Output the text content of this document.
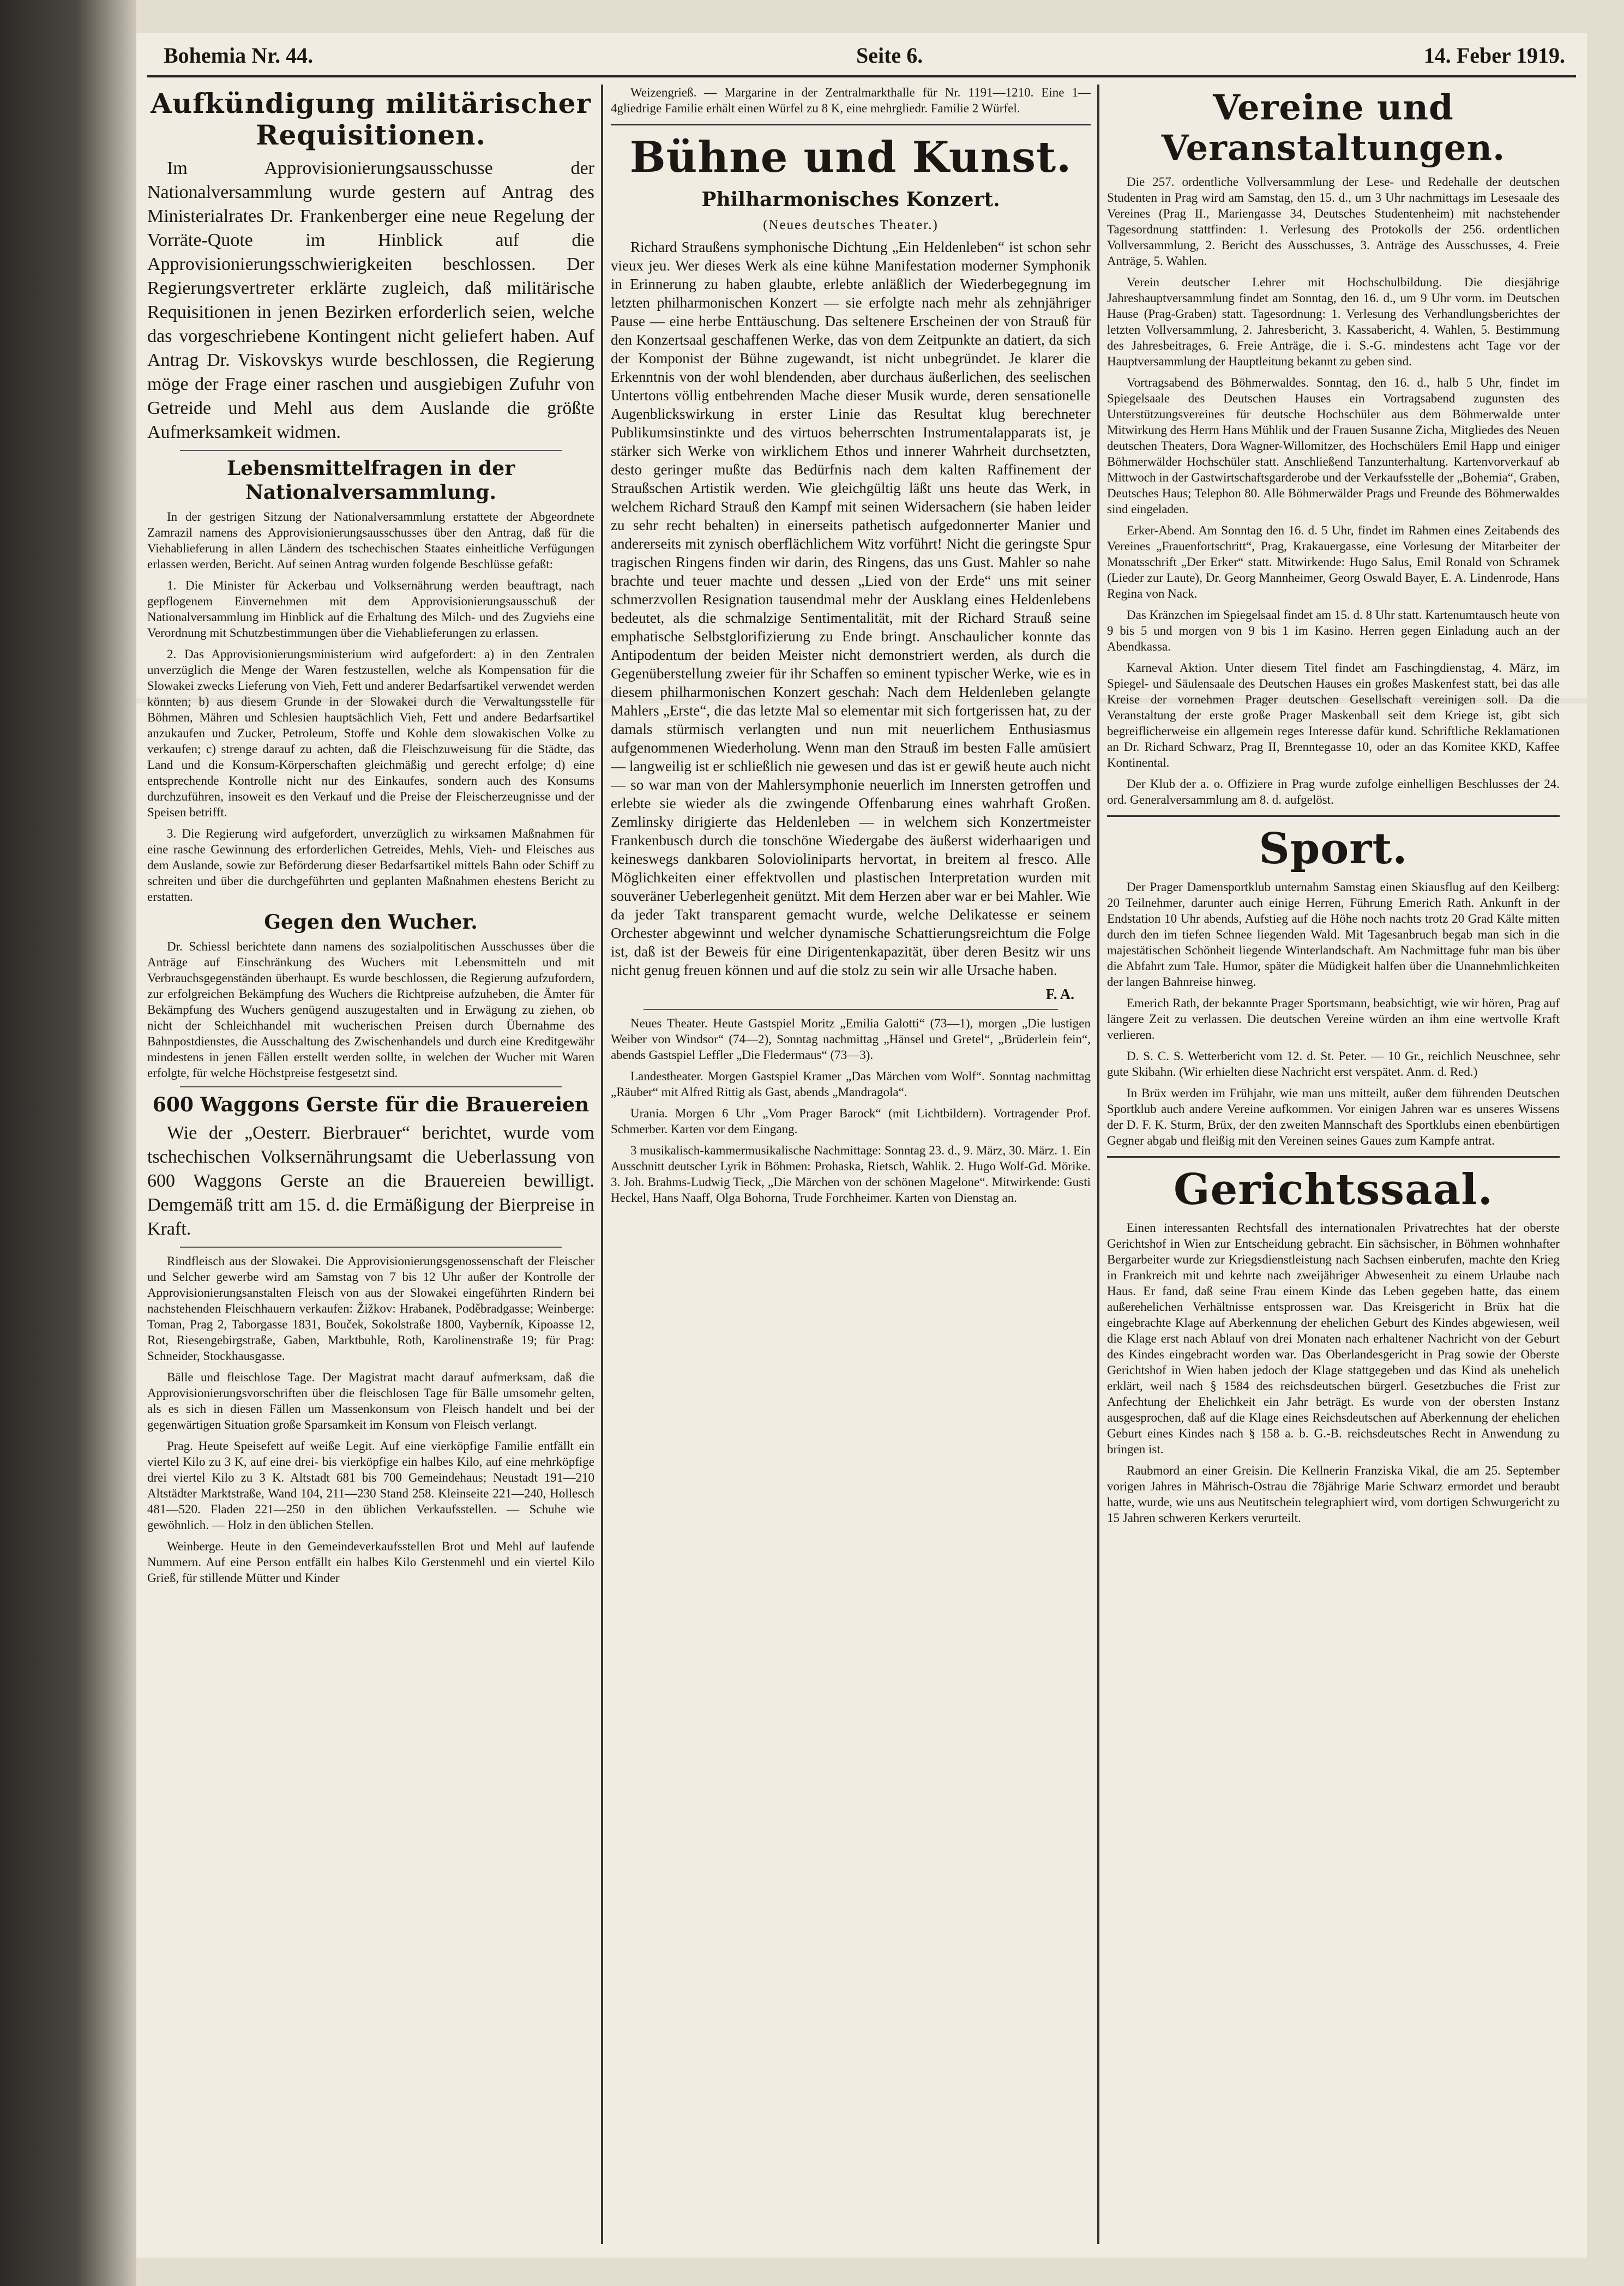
Bohemia Nr. 44.	Seite 6.	14. Feber 1919.
Aufkündigung militärischer Requisitionen.

Im Approvisionierungsausschusse der Nationalversammlung wurde gestern auf Antrag des Ministerialrates Dr. Frankenberger eine neue Regelung der Vorräte-Quote im Hinblick auf die Approvisionierungsschwierigkeiten beschlossen. Der Regierungsvertreter erklärte zugleich, daß militärische Requisitionen in jenen Bezirken erforderlich seien, welche das vorgeschriebene Kontingent nicht geliefert haben. Auf Antrag Dr. Viskovskys wurde beschlossen, die Regierung möge der Frage einer raschen und ausgiebigen Zufuhr von Getreide und Mehl aus dem Auslande die größte Aufmerksamkeit widmen.

Lebensmittelfragen in der Nationalversammlung.

In der gestrigen Sitzung der Nationalversammlung erstattete der Abgeordnete Zamrazil namens des Approvisionierungsausschusses über den Antrag, daß für die Viehablieferung in allen Ländern des tschechischen Staates einheitliche Verfügungen erlassen werden, Bericht. Auf seinen Antrag wurden folgende Beschlüsse gefaßt:

1. Die Minister für Ackerbau und Volksernährung werden beauftragt, nach gepflogenem Einvernehmen mit dem Approvisionierungsausschuß der Nationalversammlung im Hinblick auf die Erhaltung des Milch- und des Zugviehs eine Verordnung mit Schutzbestimmungen über die Viehablieferungen zu erlassen.

2. Das Approvisionierungsministerium wird aufgefordert: a) in den Zentralen unverzüglich die Menge der Waren festzustellen, welche als Kompensation für die Slowakei zwecks Lieferung von Vieh, Fett und anderer Bedarfsartikel verwendet werden könnten; b) aus diesem Grunde in der Slowakei durch die Verwaltungsstelle für Böhmen, Mähren und Schlesien hauptsächlich Vieh, Fett und andere Bedarfsartikel anzukaufen und Zucker, Petroleum, Stoffe und Kohle dem slowakischen Volke zu verkaufen; c) strenge darauf zu achten, daß die Fleischzuweisung für die Städte, das Land und die Konsum-Körperschaften gleichmäßig und gerecht erfolge; d) eine entsprechende Kontrolle nicht nur des Einkaufes, sondern auch des Konsums durchzuführen, insoweit es den Verkauf und die Preise der Fleischerzeugnisse und der Speisen betrifft.

3. Die Regierung wird aufgefordert, unverzüglich zu wirksamen Maßnahmen für eine rasche Gewinnung des erforderlichen Getreides, Mehls, Vieh- und Fleisches aus dem Auslande, sowie zur Beförderung dieser Bedarfsartikel mittels Bahn oder Schiff zu schreiten und über die durchgeführten und geplanten Maßnahmen ehestens Bericht zu erstatten.

Gegen den Wucher.

Dr. Schiessl berichtete dann namens des sozialpolitischen Ausschusses über die Anträge auf Einschränkung des Wuchers mit Lebensmitteln und mit Verbrauchsgegenständen überhaupt. Es wurde beschlossen, die Regierung aufzufordern, zur erfolgreichen Bekämpfung des Wuchers die Richtpreise aufzuheben, die Ämter für Bekämpfung des Wuchers genügend auszugestalten und in Erwägung zu ziehen, ob nicht der Schleichhandel mit wucherischen Preisen durch Übernahme des Bahnpostdienstes, die Ausschaltung des Zwischenhandels und durch eine Kreditgewähr mindestens in jenen Fällen erstellt werden sollte, in welchen der Wucher mit Waren erfolgte, für welche Höchstpreise festgesetzt sind.

600 Waggons Gerste für die Brauereien

Wie der „Oesterr. Bierbrauer“ berichtet, wurde vom tschechischen Volksernährungsamt die Ueberlassung von 600 Waggons Gerste an die Brauereien bewilligt. Demgemäß tritt am 15. d. die Ermäßigung der Bierpreise in Kraft.

Rindfleisch aus der Slowakei. Die Approvisionierungsgenossenschaft der Fleischer und Selcher gewerbe wird am Samstag von 7 bis 12 Uhr außer der Kontrolle der Approvisionierungsanstalten Fleisch von aus der Slowakei eingeführten Rindern bei nachstehenden Fleischhauern verkaufen: Žižkov: Hrabanek, Poděbradgasse; Weinberge: Toman, Prag 2, Taborgasse 1831, Bouček, Sokolstraße 1800, Vayberník, Kipoasse 12, Rot, Riesengebirgstraße, Gaben, Marktbuhle, Roth, Karolinenstraße 19; für Prag: Schneider, Stockhausgasse.

Bälle und fleischlose Tage. Der Magistrat macht darauf aufmerksam, daß die Approvisionierungsvorschriften über die fleischlosen Tage für Bälle umsomehr gelten, als es sich in diesen Fällen um Massenkonsum von Fleisch handelt und bei der gegenwärtigen Situation große Sparsamkeit im Konsum von Fleisch verlangt.

Prag. Heute Speisefett auf weiße Legit. Auf eine vierköpfige Familie entfällt ein viertel Kilo zu 3 K, auf eine drei- bis vierköpfige ein halbes Kilo, auf eine mehrköpfige drei viertel Kilo zu 3 K. Altstadt 681 bis 700 Gemeindehaus; Neustadt 191—210 Altstädter Marktstraße, Wand 104, 211—230 Stand 258. Kleinseite 221—240, Hollesch 481—520. Fladen 221—250 in den üblichen Verkaufsstellen. — Schuhe wie gewöhnlich. — Holz in den üblichen Stellen.

Weinberge. Heute in den Gemeindeverkaufsstellen Brot und Mehl auf laufende Nummern. Auf eine Person entfällt ein halbes Kilo Gerstenmehl und ein viertel Kilo Grieß, für stillende Mütter und Kinder

Weizengrieß. — Margarine in der Zentralmarkthalle für Nr. 1191—1210. Eine 1—4gliedrige Familie erhält einen Würfel zu 8 K, eine mehrgliedr. Familie 2 Würfel.

Bühne und Kunst.
Philharmonisches Konzert.
(Neues deutsches Theater.)

Richard Straußens symphonische Dichtung „Ein Heldenleben“ ist schon sehr vieux jeu. Wer dieses Werk als eine kühne Manifestation moderner Symphonik in Erinnerung zu haben glaubte, erlebte anläßlich der Wiederbegegnung im letzten philharmonischen Konzert — sie erfolgte nach mehr als zehnjähriger Pause — eine herbe Enttäuschung. Das seltenere Erscheinen der von Strauß für den Konzertsaal geschaffenen Werke, das von dem Zeitpunkte an datiert, da sich der Komponist der Bühne zugewandt, ist nicht unbegründet. Je klarer die Erkenntnis von der wohl blendenden, aber durchaus äußerlichen, des seelischen Untertons völlig entbehrenden Mache dieser Musik wurde, deren sensationelle Augenblickswirkung in erster Linie das Resultat klug berechneter Publikumsinstinkte und des virtuos beherrschten Instrumentalapparats ist, je stärker sich Werke von wirklichem Ethos und innerer Wahrheit durchsetzten, desto geringer mußte das Bedürfnis nach dem kalten Raffinement der Straußschen Artistik werden. Wie gleichgültig läßt uns heute das Werk, in welchem Richard Strauß den Kampf mit seinen Widersachern (sie haben leider zu sehr recht behalten) in einerseits pathetisch aufgedonnerter Manier und andererseits mit zynisch oberflächlichem Witz vorführt! Nicht die geringste Spur tragischen Ringens finden wir darin, des Ringens, das uns Gust. Mahler so nahe brachte und teuer machte und dessen „Lied von der Erde“ uns mit seiner schmerzvollen Resignation tausendmal mehr der Ausklang eines Heldenlebens bedeutet, als die schmalzige Sentimentalität, mit der Richard Strauß seine emphatische Selbstglorifizierung zu Ende bringt. Anschaulicher konnte das Antipodentum der beiden Meister nicht demonstriert werden, als durch die Gegenüberstellung zweier für ihr Schaffen so eminent typischer Werke, wie es in diesem philharmonischen Konzert geschah: Nach dem Heldenleben gelangte Mahlers „Erste“, die das letzte Mal so elementar mit sich fortgerissen hat, zu der damals stürmisch verlangten und nun mit neuerlichem Enthusiasmus aufgenommenen Wiederholung. Wenn man den Strauß im besten Falle amüsiert — langweilig ist er schließlich nie gewesen und das ist er gewiß heute auch nicht — so war man von der Mahlersymphonie neuerlich im Innersten getroffen und erlebte sie wieder als die zwingende Offenbarung eines wahrhaft Großen. Zemlinsky dirigierte das Heldenleben — in welchem sich Konzertmeister Frankenbusch durch die tonschöne Wiedergabe des äußerst widerhaarigen und keineswegs dankbaren Solovioliniparts hervortat, in breitem al fresco. Alle Möglichkeiten einer effektvollen und plastischen Interpretation wurden mit souveräner Ueberlegenheit genützt. Mit dem Herzen aber war er bei Mahler. Wie da jeder Takt transparent gemacht wurde, welche Delikatesse er seinem Orchester abgewinnt und welcher dynamische Schattierungsreichtum die Folge ist, daß ist der Beweis für eine Dirigentenkapazität, über deren Besitz wir uns nicht genug freuen können und auf die stolz zu sein wir alle Ursache haben.

F. A.

Neues Theater. Heute Gastspiel Moritz „Emilia Galotti“ (73—1), morgen „Die lustigen Weiber von Windsor“ (74—2), Sonntag nachmittag „Hänsel und Gretel“, „Brüderlein fein“, abends Gastspiel Leffler „Die Fledermaus“ (73—3).

Landestheater. Morgen Gastspiel Kramer „Das Märchen vom Wolf“. Sonntag nachmittag „Räuber“ mit Alfred Rittig als Gast, abends „Mandragola“.

Urania. Morgen 6 Uhr „Vom Prager Barock“ (mit Lichtbildern). Vortragender Prof. Schmerber. Karten vor dem Eingang.

3 musikalisch-kammermusikalische Nachmittage: Sonntag 23. d., 9. März, 30. März. 1. Ein Ausschnitt deutscher Lyrik in Böhmen: Prohaska, Rietsch, Wahlik. 2. Hugo Wolf-Gd. Mörike. 3. Joh. Brahms-Ludwig Tieck, „Die Märchen von der schönen Magelone“. Mitwirkende: Gusti Heckel, Hans Naaff, Olga Bohorna, Trude Forchheimer. Karten von Dienstag an.

Vereine und Veranstaltungen.

Die 257. ordentliche Vollversammlung der Lese- und Redehalle der deutschen Studenten in Prag wird am Samstag, den 15. d., um 3 Uhr nachmittags im Lesesaale des Vereines (Prag II., Mariengasse 34, Deutsches Studentenheim) mit nachstehender Tagesordnung stattfinden: 1. Verlesung des Protokolls der 256. ordentlichen Vollversammlung, 2. Bericht des Ausschusses, 3. Anträge des Ausschusses, 4. Freie Anträge, 5. Wahlen.

Verein deutscher Lehrer mit Hochschulbildung. Die diesjährige Jahreshauptversammlung findet am Sonntag, den 16. d., um 9 Uhr vorm. im Deutschen Hause (Prag-Graben) statt. Tagesordnung: 1. Verlesung des Verhandlungsberichtes der letzten Vollversammlung, 2. Jahresbericht, 3. Kassabericht, 4. Wahlen, 5. Bestimmung des Jahresbeitrages, 6. Freie Anträge, die i. S.-G. mindestens acht Tage vor der Hauptversammlung der Hauptleitung bekannt zu geben sind.

Vortragsabend des Böhmerwaldes. Sonntag, den 16. d., halb 5 Uhr, findet im Spiegelsaale des Deutschen Hauses ein Vortragsabend zugunsten des Unterstützungsvereines für deutsche Hochschüler aus dem Böhmerwalde unter Mitwirkung des Herrn Hans Mühlik und der Frauen Susanne Zicha, Mitgliedes des Neuen deutschen Theaters, Dora Wagner-Willomitzer, des Hochschülers Emil Happ und einiger Böhmerwälder Hochschüler statt. Anschließend Tanzunterhaltung. Kartenvorverkauf ab Mittwoch in der Gastwirtschaftsgarderobe und der Verkaufsstelle der „Bohemia“, Graben, Deutsches Haus; Telephon 80. Alle Böhmerwälder Prags und Freunde des Böhmerwaldes sind eingeladen.

Erker-Abend. Am Sonntag den 16. d. 5 Uhr, findet im Rahmen eines Zeitabends des Vereines „Frauenfortschritt“, Prag, Krakauergasse, eine Vorlesung der Mitarbeiter der Monatsschrift „Der Erker“ statt. Mitwirkende: Hugo Salus, Emil Ronald von Schramek (Lieder zur Laute), Dr. Georg Mannheimer, Georg Oswald Bayer, E. A. Lindenrode, Hans Regina von Nack.

Das Kränzchen im Spiegelsaal findet am 15. d. 8 Uhr statt. Kartenumtausch heute von 9 bis 5 und morgen von 9 bis 1 im Kasino. Herren gegen Einladung auch an der Abendkassa.

Karneval Aktion. Unter diesem Titel findet am Faschingdienstag, 4. März, im Spiegel- und Säulensaale des Deutschen Hauses ein großes Maskenfest statt, bei das alle Kreise der vornehmen Prager deutschen Gesellschaft vereinigen soll. Da die Veranstaltung der erste große Prager Maskenball seit dem Kriege ist, gibt sich begreiflicherweise ein allgemein reges Interesse dafür kund. Schriftliche Reklamationen an Dr. Richard Schwarz, Prag II, Brenntegasse 10, oder an das Komitee KKD, Kaffee Kontinental.

Der Klub der a. o. Offiziere in Prag wurde zufolge einhelligen Beschlusses der 24. ord. Generalversammlung am 8. d. aufgelöst.

Sport.

Der Prager Damensportklub unternahm Samstag einen Skiausflug auf den Keilberg: 20 Teilnehmer, darunter auch einige Herren, Führung Emerich Rath. Ankunft in der Endstation 10 Uhr abends, Aufstieg auf die Höhe noch nachts trotz 20 Grad Kälte mitten durch den im tiefen Schnee liegenden Wald. Mit Tagesanbruch begab man sich in die majestätischen Schönheit liegende Winterlandschaft. Am Nachmittage fuhr man bis über die Abfahrt zum Tale. Humor, später die Müdigkeit halfen über die Unannehmlichkeiten der langen Bahnreise hinweg.

Emerich Rath, der bekannte Prager Sportsmann, beabsichtigt, wie wir hören, Prag auf längere Zeit zu verlassen. Die deutschen Vereine würden an ihm eine wertvolle Kraft verlieren.

D. S. C. S. Wetterbericht vom 12. d. St. Peter. — 10 Gr., reichlich Neuschnee, sehr gute Skibahn. (Wir erhielten diese Nachricht erst verspätet. Anm. d. Red.)

In Brüx werden im Frühjahr, wie man uns mitteilt, außer dem führenden Deutschen Sportklub auch andere Vereine aufkommen. Vor einigen Jahren war es unseres Wissens der D. F. K. Sturm, Brüx, der den zweiten Mannschaft des Sportklubs einen ebenbürtigen Gegner abgab und fleißig mit den Vereinen seines Gaues zum Kampfe antrat.

Gerichtssaal.

Einen interessanten Rechtsfall des internationalen Privatrechtes hat der oberste Gerichtshof in Wien zur Entscheidung gebracht. Ein sächsischer, in Böhmen wohnhafter Bergarbeiter wurde zur Kriegsdienstleistung nach Sachsen einberufen, machte den Krieg in Frankreich mit und kehrte nach zweijähriger Abwesenheit zu einem Urlaube nach Haus. Er fand, daß seine Frau einem Kinde das Leben gegeben hatte, das einem außerehelichen Verhältnisse entsprossen war. Das Kreisgericht in Brüx hat die eingebrachte Klage auf Aberkennung der ehelichen Geburt des Kindes abgewiesen, weil die Klage erst nach Ablauf von drei Monaten nach erhaltener Nachricht von der Geburt des Kindes eingebracht worden war. Das Oberlandesgericht in Prag sowie der Oberste Gerichtshof in Wien haben jedoch der Klage stattgegeben und das Kind als unehelich erklärt, weil nach § 1584 des reichsdeutschen bürgerl. Gesetzbuches die Frist zur Anfechtung der Ehelichkeit ein Jahr beträgt. Es wurde von der obersten Instanz ausgesprochen, daß auf die Klage eines Reichsdeutschen auf Aberkennung der ehelichen Geburt eines Kindes nach § 158 a. b. G.-B. reichsdeutsches Recht in Anwendung zu bringen ist.

Raubmord an einer Greisin. Die Kellnerin Franziska Vikal, die am 25. September vorigen Jahres in Mährisch-Ostrau die 78jährige Marie Schwarz ermordet und beraubt hatte, wurde, wie uns aus Neutitschein telegraphiert wird, vom dortigen Schwurgericht zu 15 Jahren schweren Kerkers verurteilt.
